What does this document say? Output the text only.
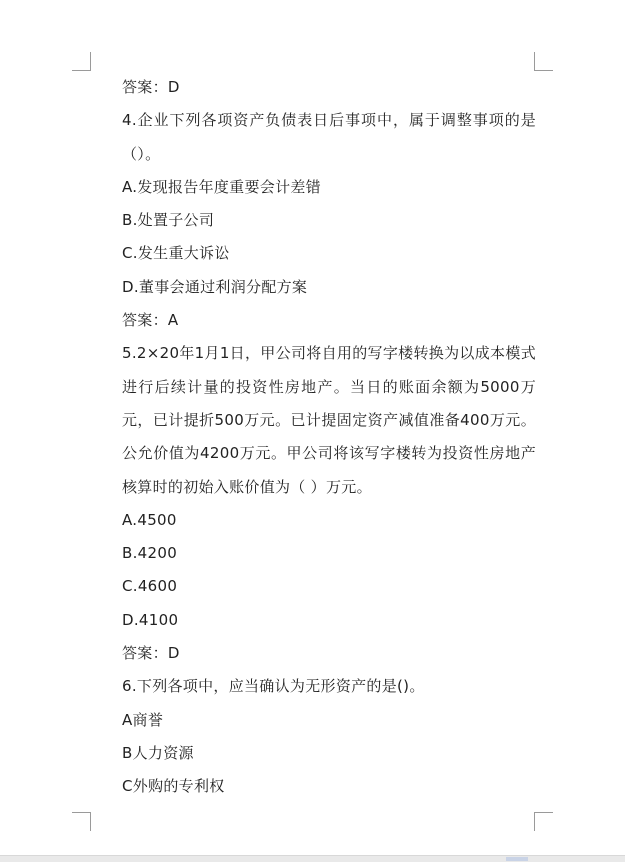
答案：D
4.企业下列各项资产负债表日后事项中，属于调整事项的是（）。
A.发现报告年度重要会计差错
B.处置子公司
C.发生重大诉讼
D.董事会通过利润分配方案
答案：A
5.2×20年1月1日，甲公司将自用的写字楼转换为以成本模式进行后续计量的投资性房地产。当日的账面余额为5000万元，已计提折500万元。已计提固定资产减值准备400万元。公允价值为4200万元。甲公司将该写字楼转为投资性房地产核算时的初始入账价值为（ ）万元。
A.4500
B.4200
C.4600
D.4100
答案：D
6.下列各项中，应当确认为无形资产的是()。
A商誉
B人力资源
C外购的专利权
